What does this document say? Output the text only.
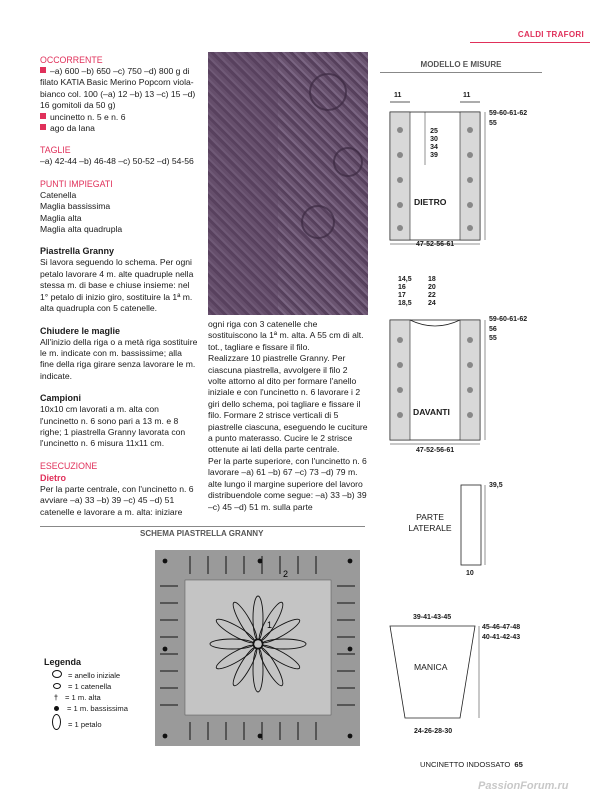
CALDI TRAFORI
OCCORRENTE

–a) 600 –b) 650 –c) 750 –d) 800 g di filato KATIA Basic Merino Popcorn viola-bianco col. 100 (–a) 12 –b) 13 –c) 15 –d) 16 gomitoli da 50 g)

uncinetto n. 5 e n. 6

ago da lana

TAGLIE

–a) 42-44 –b) 46-48 –c) 50-52 –d) 54-56

PUNTI IMPIEGATI

Catenella

Maglia bassissima

Maglia alta

Maglia alta quadrupla

Piastrella Granny

Si lavora seguendo lo schema. Per ogni petalo lavorare 4 m. alte quadruple nella stessa m. di base e chiuse insieme: nel 1° petalo di inizio giro, sostituire la 1ª m. alta quadrupla con 5 catenelle.

Chiudere le maglie

All'inizio della riga o a metà riga sostituire le m. indicate con m. bassissime; alla fine della riga girare senza lavorare le m. indicate.

Campioni

10x10 cm lavorati a m. alta con l'uncinetto n. 6 sono pari a 13 m. e 8 righe; 1 piastrella Granny lavorata con l'uncinetto n. 6 misura 11x11 cm.

ESECUZIONE
Dietro

Per la parte centrale, con l'uncinetto n. 6 avviare –a) 33 –b) 39 –c) 45 –d) 51 catenelle e lavorare a m. alta: iniziare

ogni riga con 3 catenelle che sostituiscono la 1ª m. alta. A 55 cm di alt. tot., tagliare e fissare il filo.
Realizzare 10 piastrelle Granny. Per ciascuna piastrella, avvolgere il filo 2 volte attorno al dito per formare l'anello iniziale e con l'uncinetto n. 6 lavorare i 2 giri dello schema, poi tagliare e fissare il filo. Formare 2 strisce verticali di 5 piastrelle ciascuna, eseguendo le cuciture a punto materasso. Cucire le 2 strisce ottenute ai lati della parte centrale.
Per la parte superiore, con l'uncinetto n. 6 lavorare –a) 61 –b) 67 –c) 73 –d) 79 m. alte lungo il margine superiore del lavoro distribuendole come segue: –a) 33 –b) 39 –c) 45 –d) 51 m. sulla parte

MODELLO E MISURE
11	11
59-60-61-62
55
25
30
34
39
DIETRO
47-52-56-61
14,5
16
17
18,5
18
20
22
24
59-60-61-62
56
55
DAVANTI
47-52-56-61
39,5
PARTE
LATERALE
10
39-41-43-45
45-46-47-48
40-41-42-43
MANICA
24-26-28-30
SCHEMA PIASTRELLA GRANNY
1
2
Legenda
= anello iniziale
= 1 catenella
† = 1 m. alta
= 1 m. bassissima
= 1 petalo
UNCINETTO INDOSSATO 65
PassionForum.ru
